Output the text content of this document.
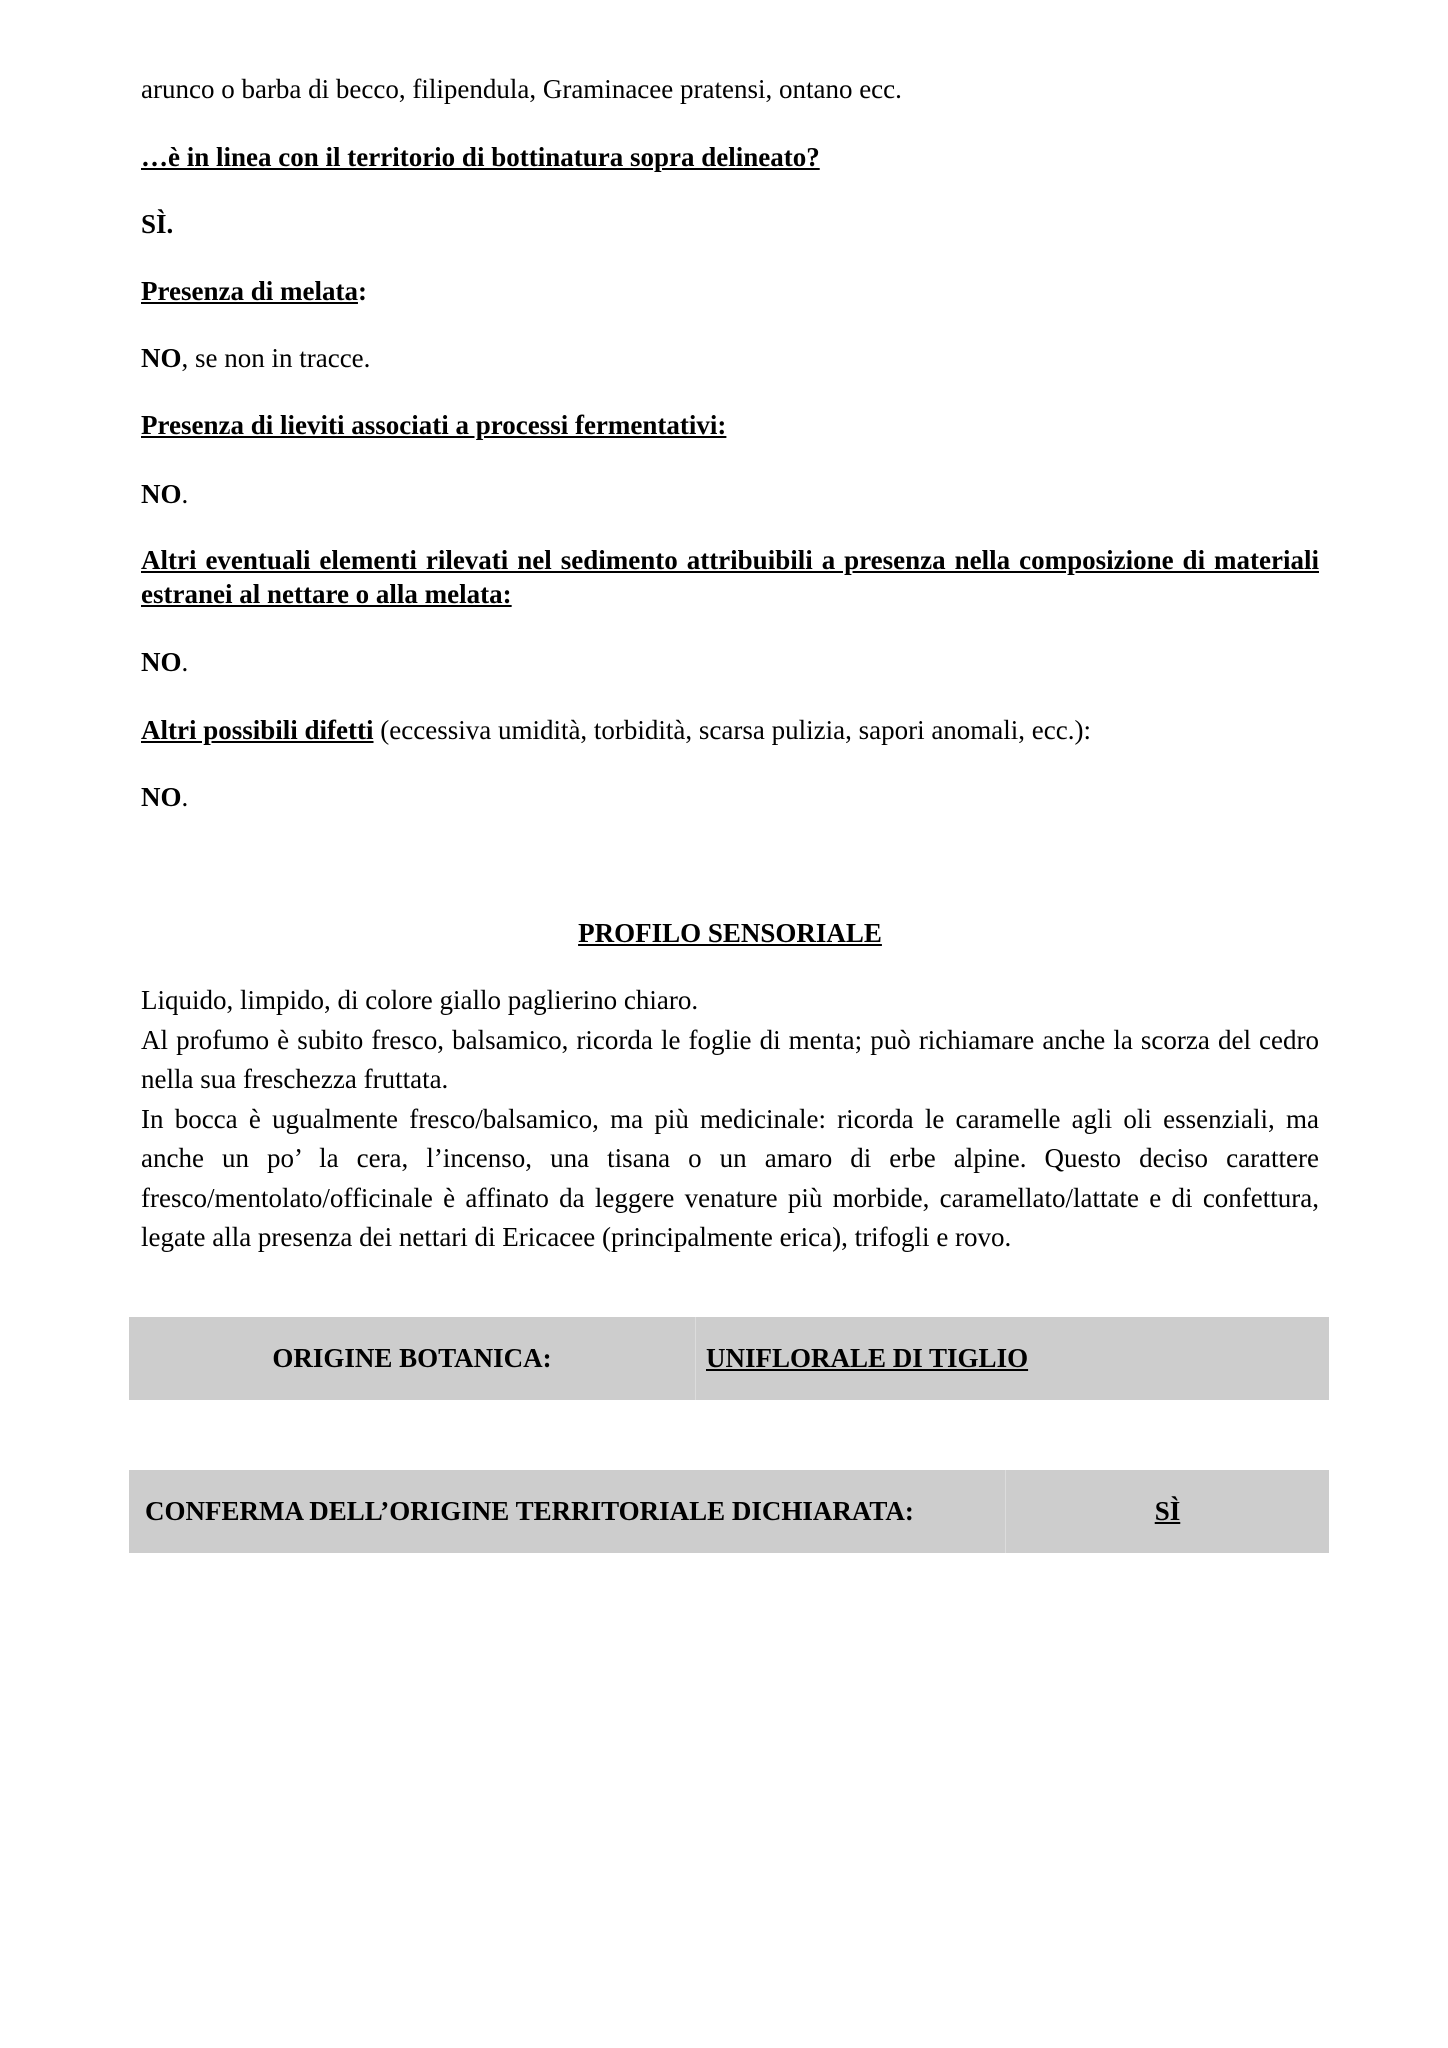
arunco o barba di becco, filipendula, Graminacee pratensi, ontano ecc.

…è in linea con il territorio di bottinatura sopra delineato?

SÌ.

Presenza di melata:

NO, se non in tracce.

Presenza di lieviti associati a processi fermentativi:

NO.

Altri eventuali elementi rilevati nel sedimento attribuibili a presenza nella composizione di materiali estranei al nettare o alla melata:

NO.

Altri possibili difetti (eccessiva umidità, torbidità, scarsa pulizia, sapori anomali, ecc.):

NO.

PROFILO SENSORIALE

Liquido, limpido, di colore giallo paglierino chiaro.
Al profumo è subito fresco, balsamico, ricorda le foglie di menta; può richiamare anche la scorza del cedro nella sua freschezza fruttata.
In bocca è ugualmente fresco/balsamico, ma più medicinale: ricorda le caramelle agli oli essenziali, ma anche un po’ la cera, l’incenso, una tisana o un amaro di erbe alpine. Questo deciso carattere fresco/mentolato/officinale è affinato da leggere venature più morbide, caramellato/lattate e di confettura, legate alla presenza dei nettari di Ericacee (principalmente erica), trifogli e rovo.
ORIGINE BOTANICA:	UNIFLORALE DI TIGLIO
CONFERMA DELL’ORIGINE TERRITORIALE DICHIARATA:	SÌ
